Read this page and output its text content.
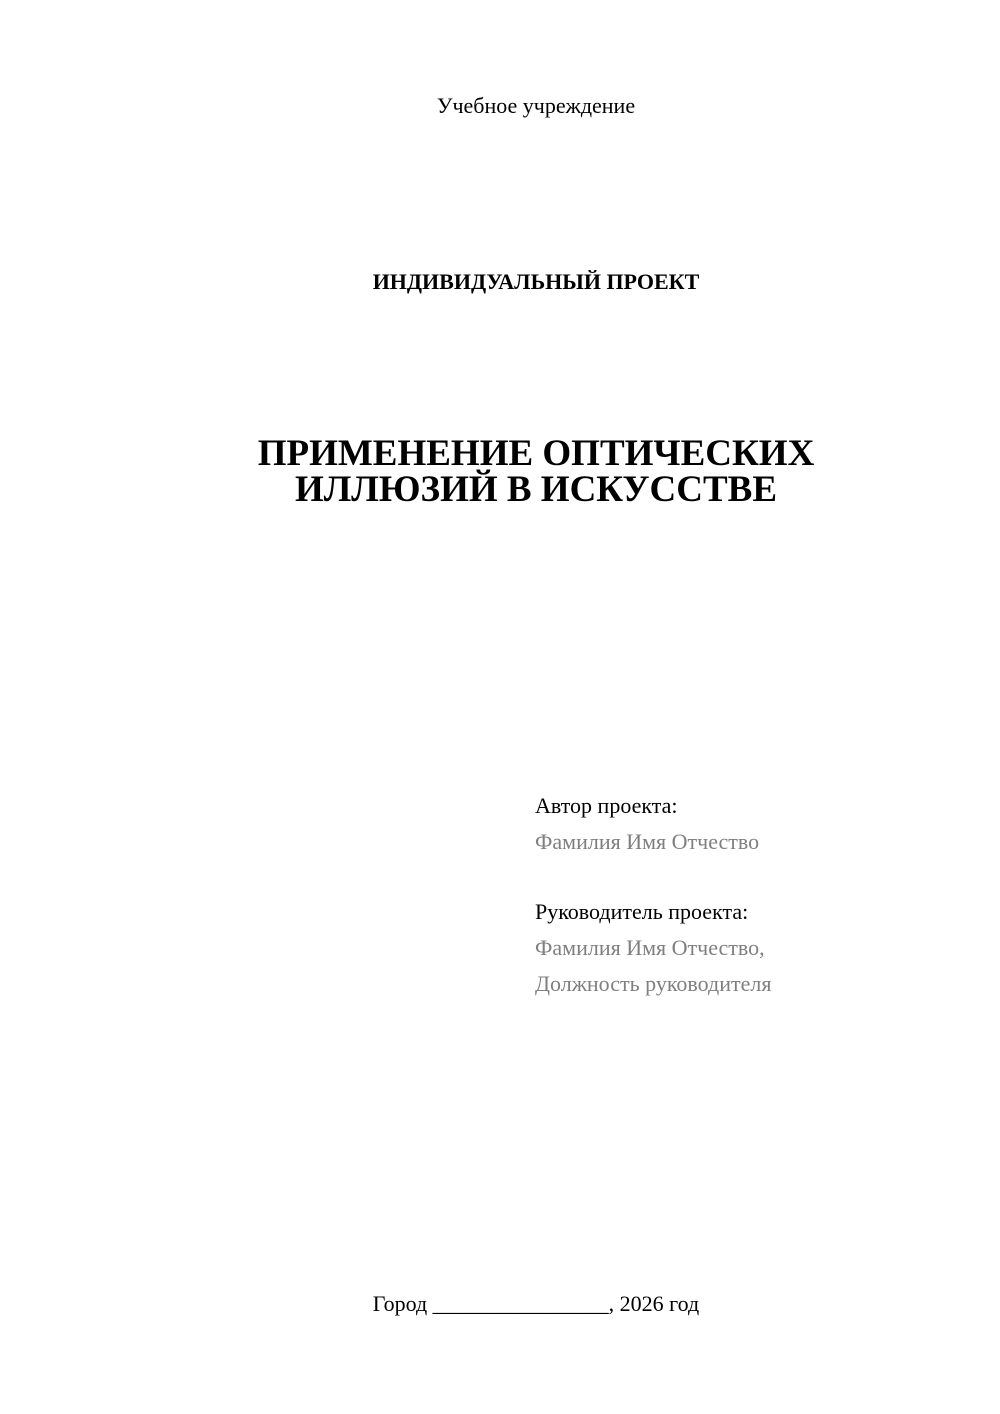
Учебное учреждение
ИНДИВИДУАЛЬНЫЙ ПРОЕКТ
ПРИМЕНЕНИЕ ОПТИЧЕСКИХ
ИЛЛЮЗИЙ В ИСКУССТВЕ
Автор проекта:
Фамилия Имя Отчество
Руководитель проекта:
Фамилия Имя Отчество,
Должность руководителя
Город ________________, 2026 год
